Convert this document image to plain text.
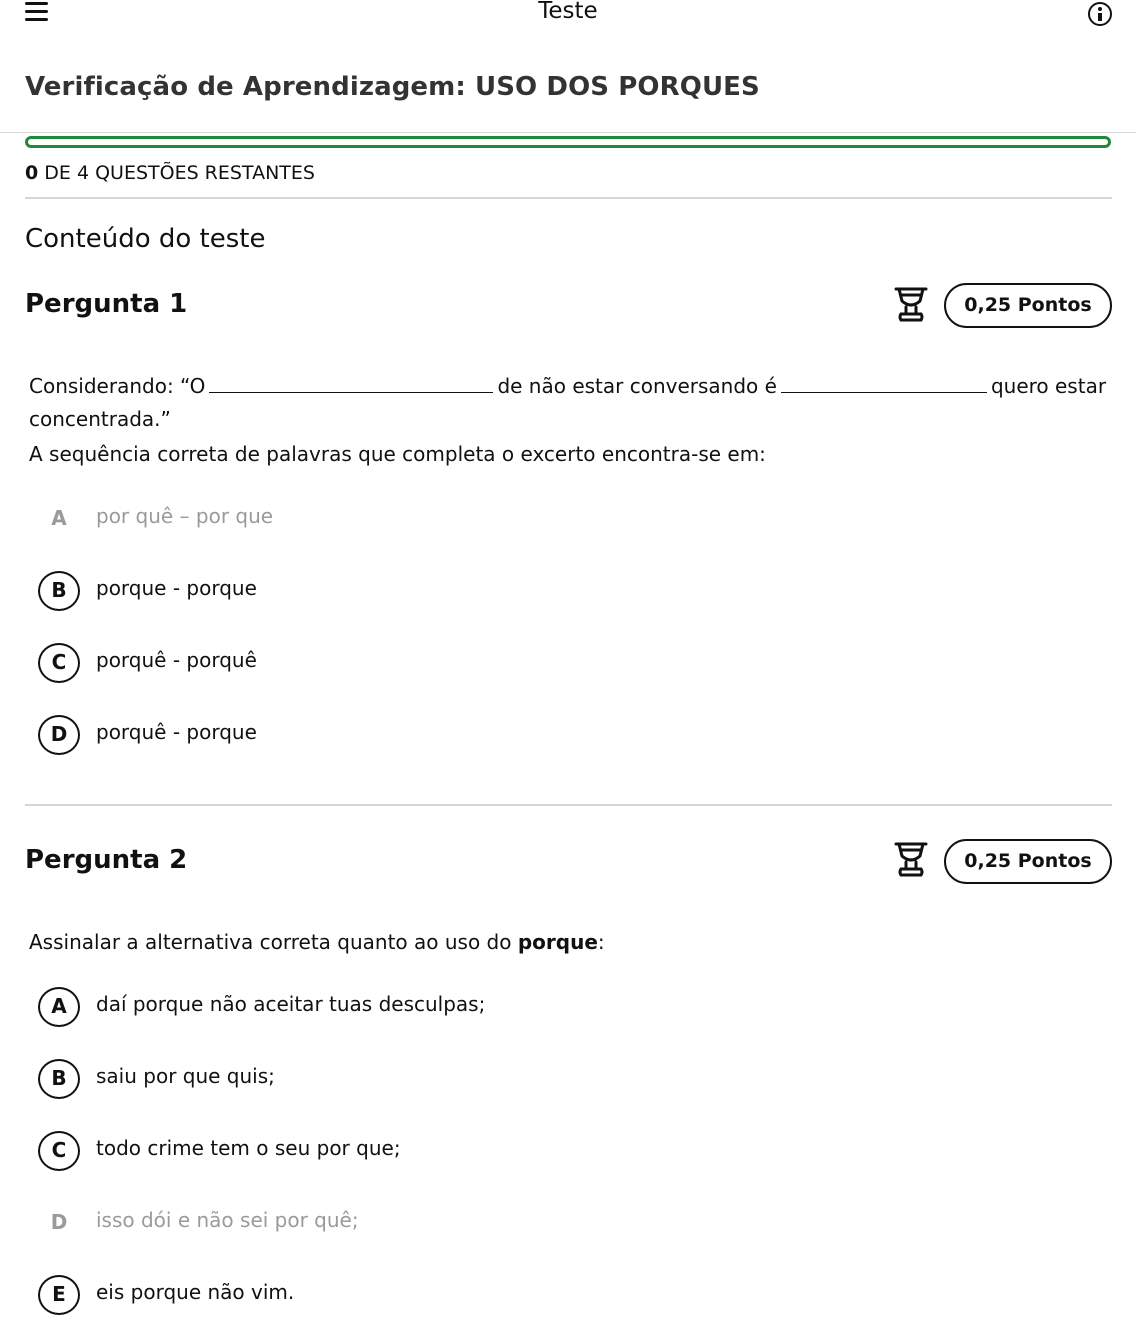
Teste
Verificação de Aprendizagem: USO DOS PORQUES
0 DE 4 QUESTÕES RESTANTES
Conteúdo do teste
Pergunta 1	0,25 Pontos
Considerando: “O	de não estar conversando é	quero estar concentrada.”
A sequência correta de palavras que completa o excerto encontra-se em:
A	por quê – por que
B	porque - porque
C	porquê - porquê
D	porquê - porque
Pergunta 2	0,25 Pontos
Assinalar a alternativa correta quanto ao uso do porque:
A	daí porque não aceitar tuas desculpas;
B	saiu por que quis;
C	todo crime tem o seu por que;
D	isso dói e não sei por quê;
E	eis porque não vim.
